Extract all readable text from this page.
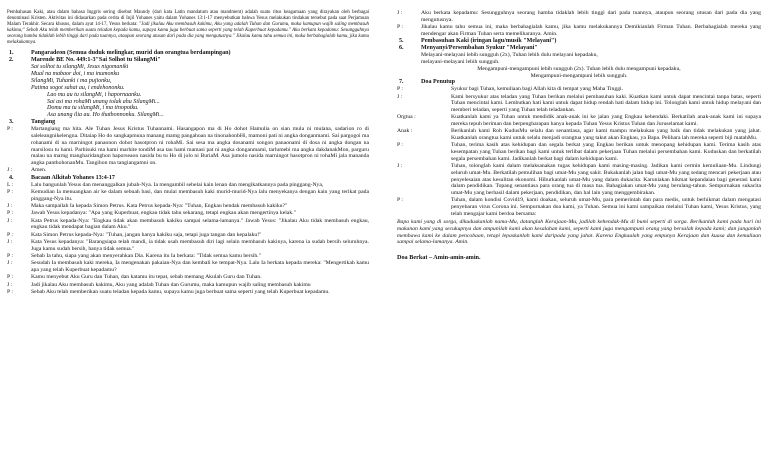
Pembahasan Kaki, atau dalam bahasa Inggris sering disebut Maundy (dari kata Latin mandatum atau mandment) adalah suatu ritus keagamaan yang dirayakan oleh berbagai denominasi Kristen. Aktivitas ini didasarkan pada cerita di Injil Yohanes yaitu dalam Yohanes 13:1-17 menyebutkan bahwa Yesus melakukan tindakan tersebut pada saat Perjamuan Malam Terakhir. Secara khusus, dalam ayat 14-17, Yesus berkata: "Jadi jikalau Aku membasuh kakimu, Aku yang adalah Tuhan dan Gurumu, maka kamupun wajib saling membasuh kakimu;" Sebab Aku telah memberikan suatu teladan kepada kamu, supaya kamu juga berbuat sama seperti yang telah Kuperbuat kepadamu." Aku berkata kepadamu: Sesungguhnya seorang hamba tidaklah lebih tinggi dari pada tuannya, ataupun seorang utusan dari pada dia yang mengutusnya." Jikalau kamu tahu semua ini, maka berbahagialah kamu, jika kamu melakukannya.

1.	Pangaradeon (Semua duduk melingkar, murid dan orangtua berdampingan)
2.	Marende BE No. 449:1-3"Sai Solhot tu SilangMi"

Sai solhot tu silangMi, Jesus nigomaniki

Mual na mabaor doi, i ma inumonku

SilangMi, Tuhanki i ma pujionku,

Patima sogot sahat au, i endehononku.

Lao mu au tu silangMi, i hapornaanku.

Sai asi ma rohaMi unang tolak ahu SilangMi...

Domu ma tu silangMi, i ma tinopotku.

Asa unang ilia au. Ho thathonnonku. SilangMi...

3.	Tangiang
P :	Martangiang ma hita. Ale Tuhan Jesus Kristus Tuhannami. Hasangapon ma di Ho dohot Hamulia on sian mula ni mulana, sadarion ro di saleleangnikelengna. Ditaiap Ho do sangkapmuna manang mamg pangahoan na tinonahonbHi, mamoni pati ni angka donganmami. Sai pargogoi ma rohanami di na marningot panaonon dohot hasotpron ni rohaMi. Sai sesa ma angka dosanami songon panaonami di dosa ni angka dongan na marsilosu tu hami. Parbisuki ma hami marhite tondiM asa tau hami mamasi pat ni angka donganmami, tarlumebi ma angka dakdanakMon, parguru malau na marng mangharidanghon haporseaon nasida bu tu Ho di jolo ni BuriaM. Asa jumolo nasida marningot hasotpron ni rohaMi jala mananda angka panthohonanMu. Tangihon ma tangiangamni on.
J :	Amen.
4.	Bacaan Alkitab Yohanes 13:4-17
L :	Lalu bangunlah Yesus dan menanggalkan jubah-Nya. Ia mengambil sehelai kain lenan dan mengikatkannya pada pinggang-Nya,
P :	Kemudian Ia menuangkan air ke dalam sebuah basi, dan mulai membasuh kaki murid-murid-Nya lalu menyekanya dengan kain yang terikat pada pinggang-Nya itu.
J :	Maka sampailah Ia kepada Simon Petrus. Kata Petrus kepada-Nya: "Tuhan, Engkau hendak membasuh kakiku?"
P :	Jawab Yesus kepadanya: "Apa yang Kuperbuat, engkau tidak tahu sekarang, tetapi engkau akan mengertinya kelak."
J :	Kata Petrus kepada-Nya: "Engkau tidak akan membasuh kakiku sampai selama-lamanya." Jawab Yesus: "Jikalau Aku tidak membasuh engkau, engkau tidak mendapat bagian dalam Aku."
P :	Kata Simon Petrus kepada-Nya: "Tuhan, jangan hanya kakiku saja, tetapi juga tangan dan kepalaku!"
J :	Kata Yesus kepadanya: "Barangsiapa telah mandi, ia tidak usah membasuh diri lagi selain membasuh kakinya, karena ia sudah bersih seluruhnya. Juga kamu sudah bersih, hanya tidak semua."
P :	Sebab Ia tahu, siapa yang akan menyerahkan Dia. Karena itu Ia berkata: "Tidak semua kamu bersih."
J :	Sesudah Ia membasuh kaki mereka, Ia mengenakan pakaian-Nya dan kembali ke tempat-Nya. Lalu Ia berkata kepada mereka: "Mengertikah kamu apa yang telah Kuperbuat kepadamu?
P :	Kamu menyebut Aku Guru dan Tuhan, dan katamu itu tepat, sebab memang Akulah Guru dan Tuhan.
J :	Jadi jikalau Aku membasuh kakimu, Aku yang adalah Tuhan dan Gurumu, maka kamupun wajib saling membasuh kakimu
P :	Sebab Aku telah memberikan suatu teladan kepada kamu, supaya kamu juga berbuat sama seperti yang telah Kuperbuat kepadamu.
J :	Aku berkata kepadamu: Sesungguhnya seorang hamba tidaklah lebih tinggi dari pada tuannya, ataupun seorang utusan dari pada dia yang mengutusnya.
P :	Jikalau kamu tahu semua ini, maka berbahagialah kamu, jika kamu melakukannya Demikianlah Firman Tuhan. Berbahagialah mereka yang mendengar akan Firman Tuhan serta memeliharanya. Amin.
5.	Pembasuhan Kaki (iringan lagu/musik "Melayani")
6.	Menyanyi/Persembahan Syukur "Melayani"

Melayani-melayani lebih sungguh (2x), Tuhan lebih dulu melayani kepadaku,

melayani-melayani lebih sungguh.

Mengampuni-mengampuni lebih sungguh (2x). Tuhan lebih dulu mengampuni kepadaku,

Mengampuni-mengampuni lebih sungguh.

7.	Doa Penutup
P :	Syukur bagi Tuhan, kemuliaan bagi Allah kita di tempat yang Maha Tinggi.
J :	Kami bersyukur atas teladan yang Tuhan berikan melalui pembasuhan kaki. Kuatkan kami untuk dapat mencintai tanpa batas, seperti Tuhan mencintai kami. Lembutkan hati kami untuk dapat hidup rendah hati dalam hidup ini. Tolonglah kami untuk hidup melayani dan memberi teladan, seperti yang Tuhan telah teladankan.
Orgtua :	Kuatkanlah kami ya Tuhan untuk mendidik anak-anak ini ke jalan yang Engkau kehendaki. Berkatilah anak-anak kami ini supaya mereka tepuh beriman dan berpengharapan hanya kepada Tuhan Yesus Kristus Tuhan dan Juruselamat kami.
Anak :	Berikanlah kami Roh KudusMu selalu dan senantiasa, agar kami mampu melakukan yang baik dan tidak melakukan yang jahat. Kuatkanlah orangtua kami untuk selalu menjadi orangtua yang takut akan Engkau, ya Bapa. Pelihara lah mereka seperti biji matahMu.
P :	Tuhan, terima kasih atas kehidupan dan segala berkat yang Engkau berikan untuk menopang kehidupan kami. Terima kasih atas kesempatan yang Tuhan berikan bagi kami untuk terlibat dalam pekerjaan Tuhan melalui persembahan kami. Kuduskan dan berkatilah segala persembahan kami. Jadikanlah berkat bagi dalam kehidupan kami.
J :	Tuhan, tolonglah kami dalam melaksanakan tugas kehidupan kami masing-masing. Jadikan kami cermin kemuliaan-Mu. Lindungi seluruh umat-Mu. Berkatilah pemulihan bagi umat-Mu yang sakit. Bukakanlah jalan bagi umat-Mu yang sedang mencari pekerjaan atau penyelesaian atas kesulitan ekonomi. Hiburkanlah umat-Mu yang dalam dukacita. Karuniakan hikmat kepandaian bagi generasi kami dalam pendidikan. Topang senantiasa para orang tua di masa tua. Bahagiakan umat-Mu yang berulang-tahun. Sempurnakan sukacita umat-Mu yang berhasil dalam pekerjaan, pendidikan, dan hal lain yang menggembirakan.
P :	Tuhan, dalam kondisi Covid19, kami doakan, seluruh umat-Mu, para pemerintah dan para medis, untuk berhikmat dalam mengatasi penyebaran virus Corona ini. Sempurnakan doa kami, ya Tuhan. Semua ini kami sampaikan melalui Tuhan kami, Yesus Kristus, yang telah mengajar kami berdoa bersama:

Bapa kami yang di sorga, dikuduskanlah nama-Mu, datanglah Kerajaan-Mu, jadilah kehendak-Mu di bumi seperti di sorga. Berikanlah kami pada hari ini makanan kami yang secukupnya dan ampunilah kami akan kesalahan kami, seperti kami juga mengampuni orang yang bersalah kepada kami; dan janganlah membawa kami ke dalam pencobaan, tetapi lepaskanlah kami daripada yang jahat. Karena Engkaulah yang empunya Kerajaan dan kuasa dan kemuliaan sampai selama-lamanya. Amin.

Doa Berkat – Amin-amin-amin.
